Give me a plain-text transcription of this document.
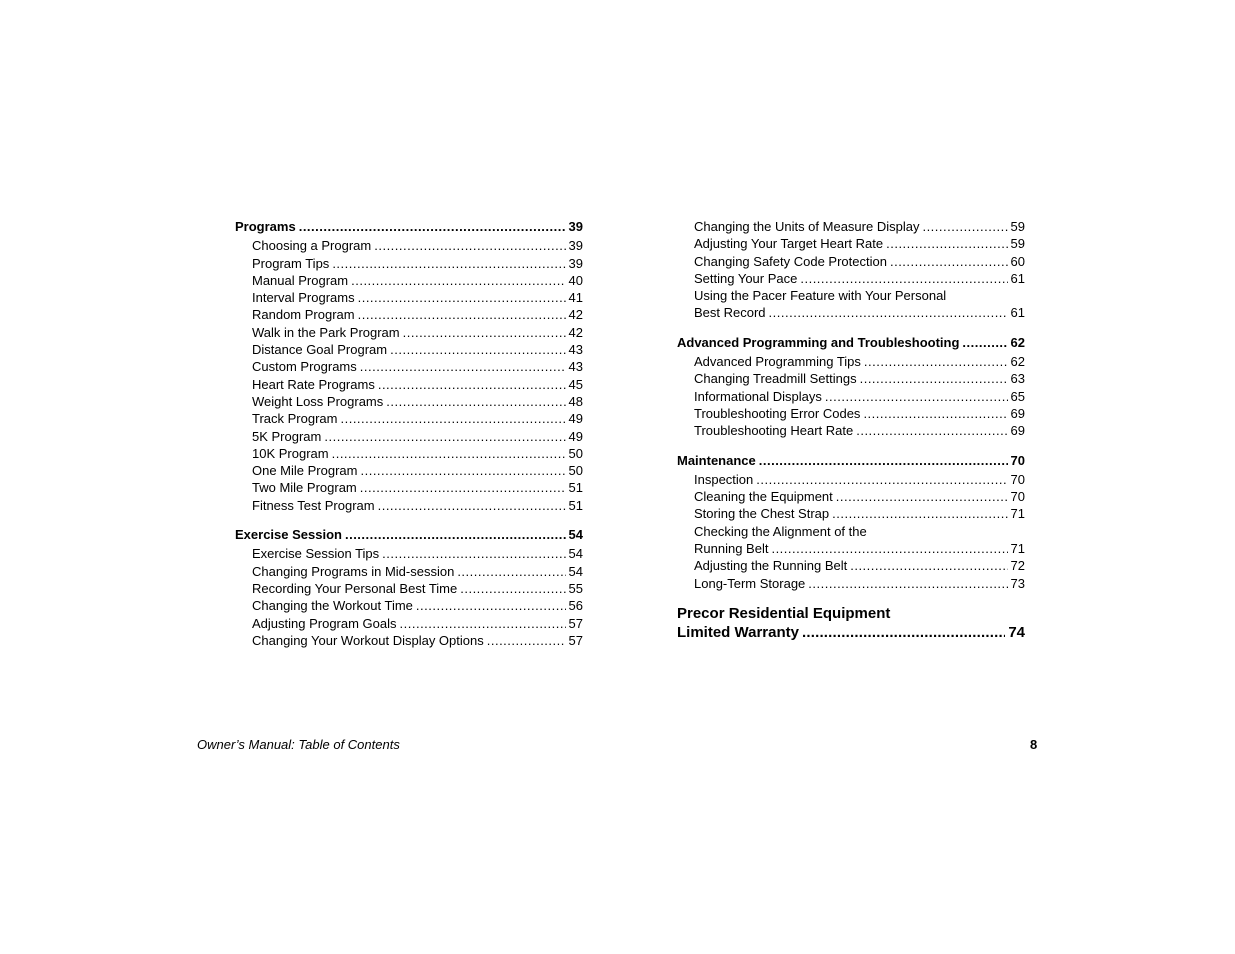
Programs .....	39
Choosing a Program .....	39
Program Tips .....	39
Manual Program .....	40
Interval Programs .....	41
Random Program .....	42
Walk in the Park Program .....	42
Distance Goal Program .....	43
Custom Programs .....	43
Heart Rate Programs .....	45
Weight Loss Programs .....	48
Track Program .....	49
5K Program .....	49
10K Program .....	50
One Mile Program .....	50
Two Mile Program .....	51
Fitness Test Program .....	51
Exercise Session .....	54
Exercise Session Tips .....	54
Changing Programs in Mid-session .....	54
Recording Your Personal Best Time .....	55
Changing the Workout Time .....	56
Adjusting Program Goals .....	57
Changing Your Workout Display Options .....	57
Changing the Units of Measure Display .....	59
Adjusting Your Target Heart Rate .....	59
Changing Safety Code Protection .....	60
Setting Your Pace .....	61
Using the Pacer Feature with Your Personal
Best Record .....	61
Advanced Programming and Troubleshooting .....	62
Advanced Programming Tips .....	62
Changing Treadmill Settings .....	63
Informational Displays .....	65
Troubleshooting Error Codes .....	69
Troubleshooting Heart Rate .....	69
Maintenance .....	70
Inspection .....	70
Cleaning the Equipment .....	70
Storing the Chest Strap .....	71
Checking the Alignment of the
Running Belt .....	71
Adjusting the Running Belt .....	72
Long-Term Storage .....	73
Precor Residential Equipment
Limited Warranty .....	74
Owner’s Manual: Table of Contents	8
